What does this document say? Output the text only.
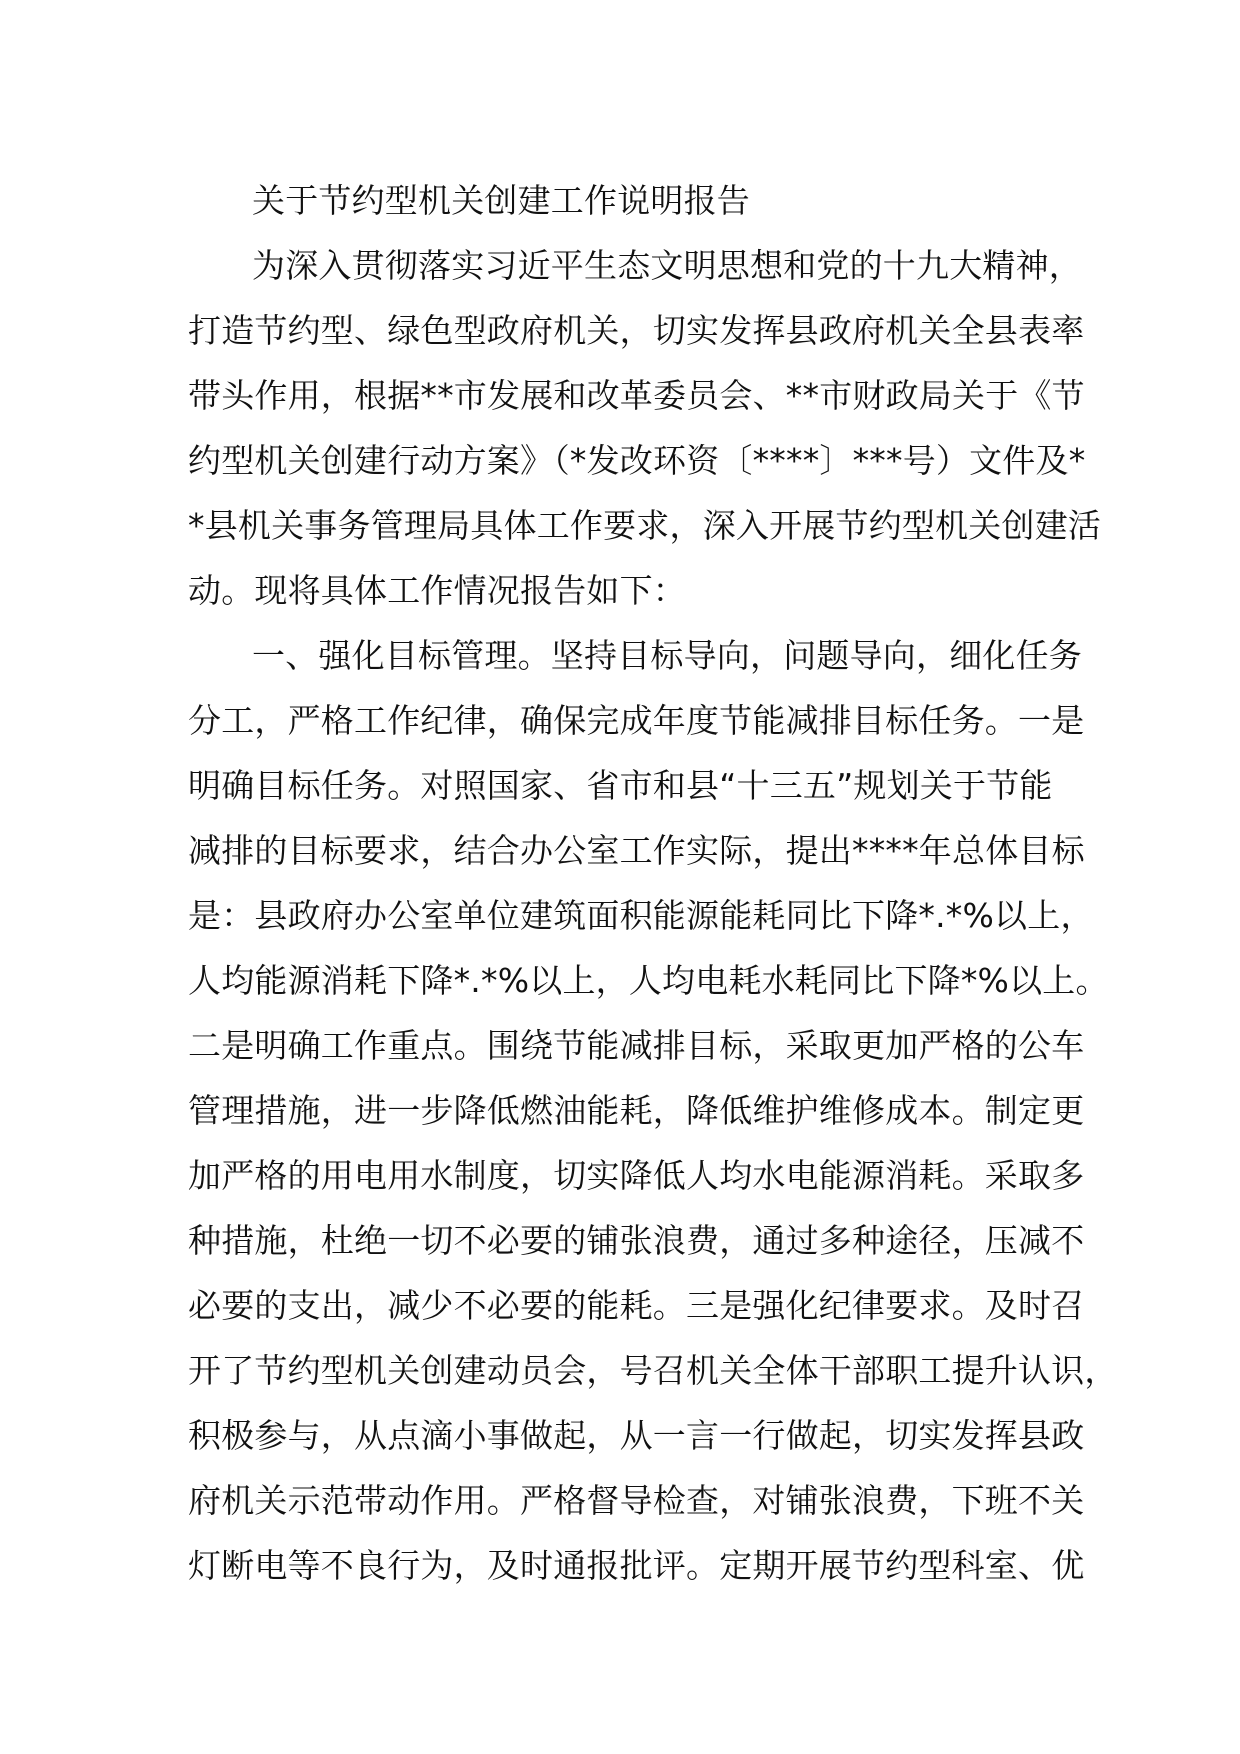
关于节约型机关创建工作说明报告
为深入贯彻落实习近平生态文明思想和党的十九大精神，
打造节约型、绿色型政府机关，切实发挥县政府机关全县表率
带头作用，根据**市发展和改革委员会、**市财政局关于《节
约型机关创建行动方案》（*发改环资〔****〕***号）文件及*
*县机关事务管理局具体工作要求，深入开展节约型机关创建活
动。现将具体工作情况报告如下：
一、强化目标管理。坚持目标导向，问题导向，细化任务
分工，严格工作纪律，确保完成年度节能减排目标任务。一是
明确目标任务。对照国家、省市和县“十三五”规划关于节能
减排的目标要求，结合办公室工作实际，提出****年总体目标
是：县政府办公室单位建筑面积能源能耗同比下降*.*%以上，
人均能源消耗下降*.*%以上，人均电耗水耗同比下降*%以上。
二是明确工作重点。围绕节能减排目标，采取更加严格的公车
管理措施，进一步降低燃油能耗，降低维护维修成本。制定更
加严格的用电用水制度，切实降低人均水电能源消耗。采取多
种措施，杜绝一切不必要的铺张浪费，通过多种途径，压减不
必要的支出，减少不必要的能耗。三是强化纪律要求。及时召
开了节约型机关创建动员会，号召机关全体干部职工提升认识，
积极参与，从点滴小事做起，从一言一行做起，切实发挥县政
府机关示范带动作用。严格督导检查，对铺张浪费，下班不关
灯断电等不良行为，及时通报批评。定期开展节约型科室、优
